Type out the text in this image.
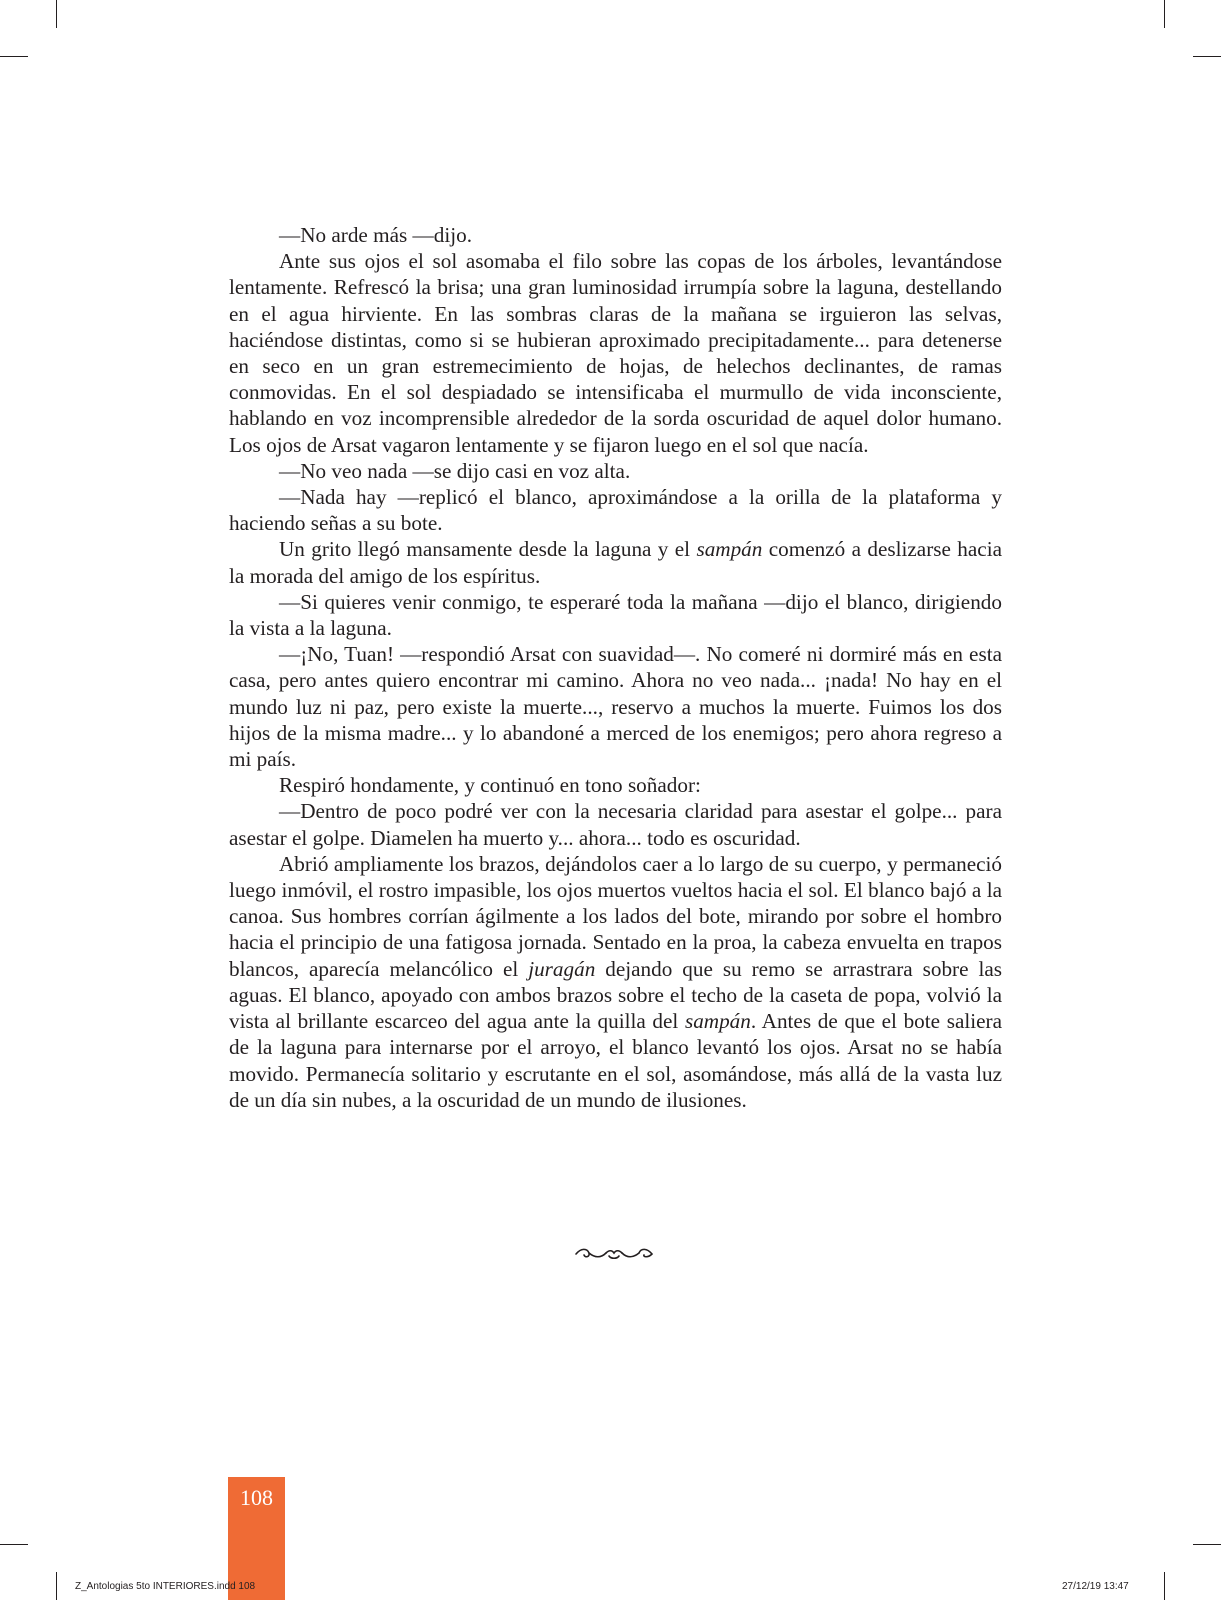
—No arde más —dijo.

Ante sus ojos el sol asomaba el filo sobre las copas de los árboles, levantándose lentamente. Refrescó la brisa; una gran luminosidad irrumpía sobre la laguna, destellando en el agua hirviente. En las sombras claras de la mañana se irguieron las selvas, haciéndose distintas, como si se hubieran aproximado precipitadamente... para detenerse en seco en un gran estremecimiento de hojas, de helechos declinantes, de ramas conmovidas. En el sol despiadado se intensificaba el murmullo de vida inconsciente, hablando en voz incomprensible alrededor de la sorda oscuridad de aquel dolor humano. Los ojos de Arsat vagaron lentamente y se fijaron luego en el sol que nacía.

—No veo nada —se dijo casi en voz alta.

—Nada hay —replicó el blanco, aproximándose a la orilla de la plataforma y haciendo señas a su bote.

Un grito llegó mansamente desde la laguna y el sampán comenzó a deslizarse hacia la morada del amigo de los espíritus.

—Si quieres venir conmigo, te esperaré toda la mañana —dijo el blanco, dirigiendo la vista a la laguna.

—¡No, Tuan! —respondió Arsat con suavidad—. No comeré ni dormiré más en esta casa, pero antes quiero encontrar mi camino. Ahora no veo nada... ¡nada! No hay en el mundo luz ni paz, pero existe la muerte..., reservo a muchos la muerte. Fuimos los dos hijos de la misma madre... y lo abandoné a merced de los enemigos; pero ahora regreso a mi país.

Respiró hondamente, y continuó en tono soñador:

—Dentro de poco podré ver con la necesaria claridad para asestar el golpe... para asestar el golpe. Diamelen ha muerto y... ahora... todo es oscuridad.

Abrió ampliamente los brazos, dejándolos caer a lo largo de su cuerpo, y permaneció luego inmóvil, el rostro impasible, los ojos muertos vueltos hacia el sol. El blanco bajó a la canoa. Sus hombres corrían ágilmente a los lados del bote, mirando por sobre el hombro hacia el principio de una fatigosa jornada. Sentado en la proa, la cabeza envuelta en trapos blancos, aparecía melancólico el juragán dejando que su remo se arrastrara sobre las aguas. El blanco, apoyado con ambos brazos sobre el techo de la caseta de popa, volvió la vista al brillante escarceo del agua ante la quilla del sampán. Antes de que el bote saliera de la laguna para internarse por el arroyo, el blanco levantó los ojos. Arsat no se había movido. Permanecía solitario y escrutante en el sol, asomándose, más allá de la vasta luz de un día sin nubes, a la oscuridad de un mundo de ilusiones.

108
Z_Antologias 5to INTERIORES.indd 108	27/12/19 13:47
